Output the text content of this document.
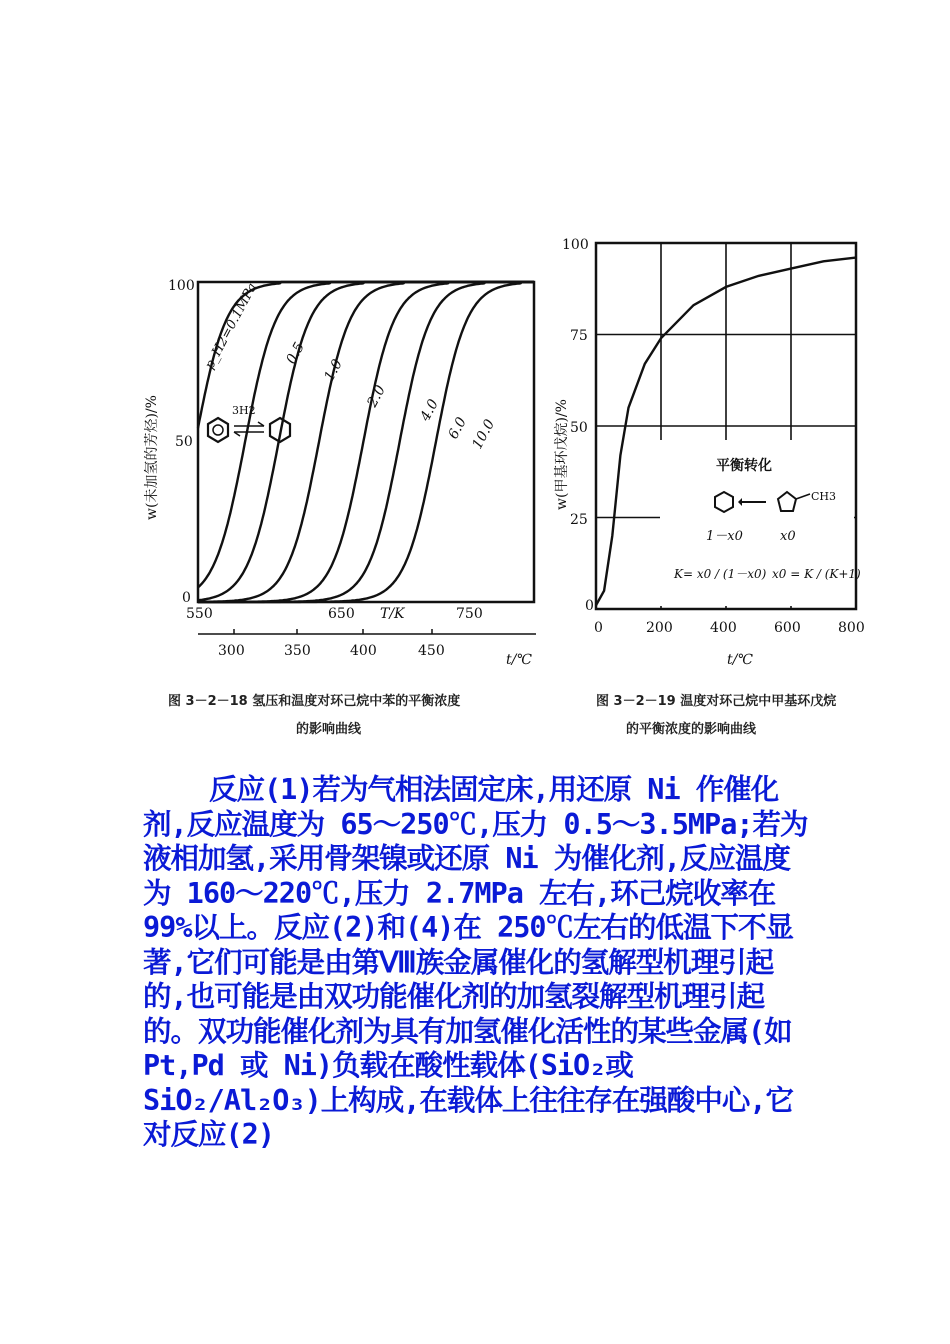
100
50
0
w(未加氢的芳烃)/%
550	650	750
T/K
300	350	400	450
t/℃
p_H2=0.1MPa 0.5
1.0
2.0
4.0
6.0 10.0
3H2
100
75
50
25
0
w(甲基环戊烷)/%
0	200	400	600	800
t/℃
平衡转化
CH3
1－x0	x0
K= x0 / (1－x0) x0 = K / (K+1)
图 3－2－18 氢压和温度对环己烷中苯的平衡浓度
的影响曲线
图 3－2－19 温度对环己烷中甲基环戊烷
的平衡浓度的影响曲线
反应(1)若为气相法固定床,用还原 Ni 作催化剂,反应温度为 65～250℃,压力 0.5～3.5MPa;若为液相加氢,采用骨架镍或还原 Ni 为催化剂,反应温度为 160～220℃,压力 2.7MPa 左右,环己烷收率在 99%以上。反应(2)和(4)在 250℃左右的低温下不显著,它们可能是由第Ⅷ族金属催化的氢解型机理引起的,也可能是由双功能催化剂的加氢裂解型机理引起的。双功能催化剂为具有加氢催化活性的某些金属(如 Pt,Pd 或 Ni)负载在酸性载体(SiO₂或 SiO₂/Al₂O₃)上构成,在载体上往往存在强酸中心,它对反应(2)
